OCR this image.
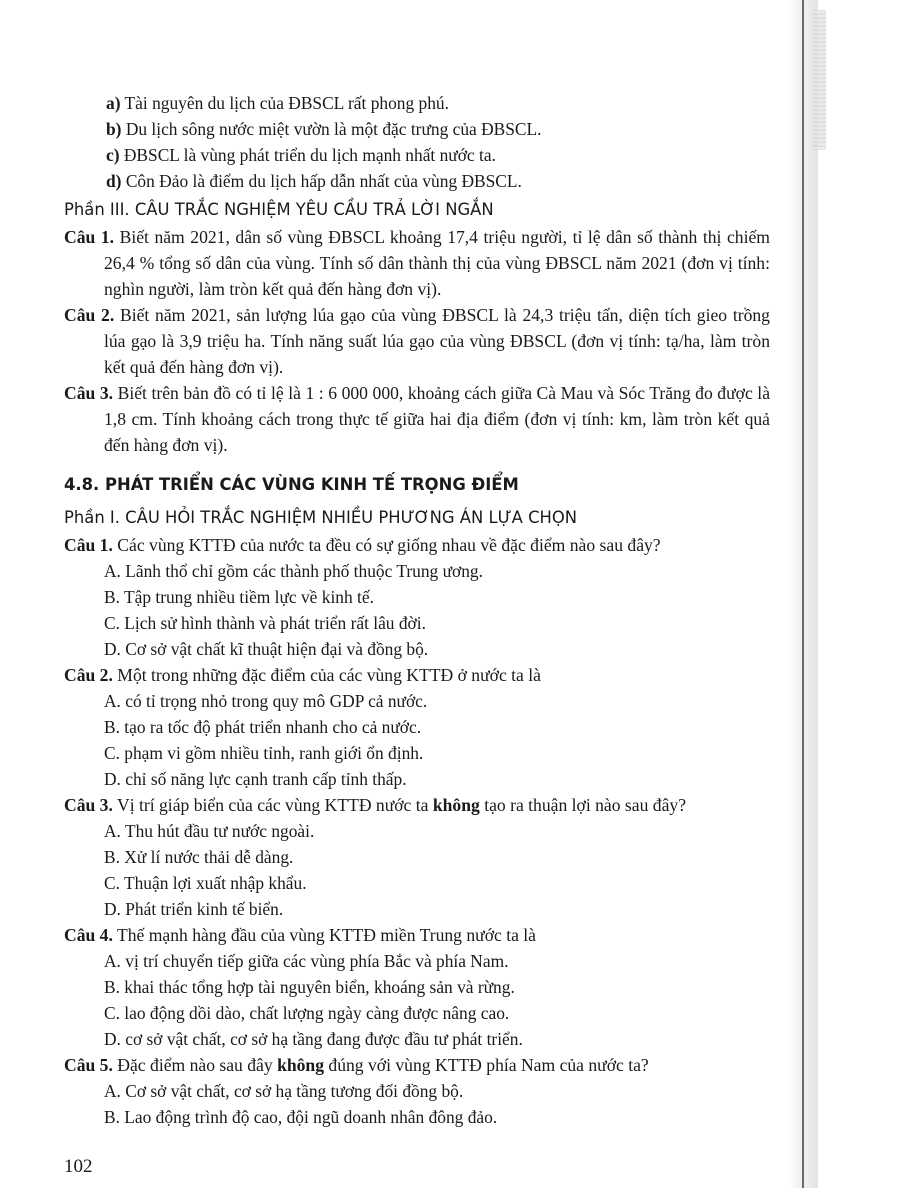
a) Tài nguyên du lịch của ĐBSCL rất phong phú.

b) Du lịch sông nước miệt vườn là một đặc trưng của ĐBSCL.

c) ĐBSCL là vùng phát triển du lịch mạnh nhất nước ta.

d) Côn Đảo là điểm du lịch hấp dẫn nhất của vùng ĐBSCL.

Phần III. CÂU TRẮC NGHIỆM YÊU CẦU TRẢ LỜI NGẮN

Câu 1. Biết năm 2021, dân số vùng ĐBSCL khoảng 17,4 triệu người, tỉ lệ dân số thành thị chiếm 26,4 % tổng số dân của vùng. Tính số dân thành thị của vùng ĐBSCL năm 2021 (đơn vị tính: nghìn người, làm tròn kết quả đến hàng đơn vị).

Câu 2. Biết năm 2021, sản lượng lúa gạo của vùng ĐBSCL là 24,3 triệu tấn, diện tích gieo trồng lúa gạo là 3,9 triệu ha. Tính năng suất lúa gạo của vùng ĐBSCL (đơn vị tính: tạ/ha, làm tròn kết quả đến hàng đơn vị).

Câu 3. Biết trên bản đồ có tỉ lệ là 1 : 6 000 000, khoảng cách giữa Cà Mau và Sóc Trăng đo được là 1,8 cm. Tính khoảng cách trong thực tế giữa hai địa điểm (đơn vị tính: km, làm tròn kết quả đến hàng đơn vị).

4.8. PHÁT TRIỂN CÁC VÙNG KINH TẾ TRỌNG ĐIỂM

Phần I. CÂU HỎI TRẮC NGHIỆM NHIỀU PHƯƠNG ÁN LỰA CHỌN

Câu 1. Các vùng KTTĐ của nước ta đều có sự giống nhau về đặc điểm nào sau đây?

A. Lãnh thổ chỉ gồm các thành phố thuộc Trung ương.

B. Tập trung nhiều tiềm lực về kinh tế.

C. Lịch sử hình thành và phát triển rất lâu đời.

D. Cơ sở vật chất kĩ thuật hiện đại và đồng bộ.

Câu 2. Một trong những đặc điểm của các vùng KTTĐ ở nước ta là

A. có tỉ trọng nhỏ trong quy mô GDP cả nước.

B. tạo ra tốc độ phát triển nhanh cho cả nước.

C. phạm vi gồm nhiều tỉnh, ranh giới ổn định.

D. chỉ số năng lực cạnh tranh cấp tỉnh thấp.

Câu 3. Vị trí giáp biển của các vùng KTTĐ nước ta không tạo ra thuận lợi nào sau đây?

A. Thu hút đầu tư nước ngoài.

B. Xử lí nước thải dễ dàng.

C. Thuận lợi xuất nhập khẩu.

D. Phát triển kinh tế biển.

Câu 4. Thế mạnh hàng đầu của vùng KTTĐ miền Trung nước ta là

A. vị trí chuyển tiếp giữa các vùng phía Bắc và phía Nam.

B. khai thác tổng hợp tài nguyên biển, khoáng sản và rừng.

C. lao động dồi dào, chất lượng ngày càng được nâng cao.

D. cơ sở vật chất, cơ sở hạ tầng đang được đầu tư phát triển.

Câu 5. Đặc điểm nào sau đây không đúng với vùng KTTĐ phía Nam của nước ta?

A. Cơ sở vật chất, cơ sở hạ tầng tương đối đồng bộ.

B. Lao động trình độ cao, đội ngũ doanh nhân đông đảo.

102
